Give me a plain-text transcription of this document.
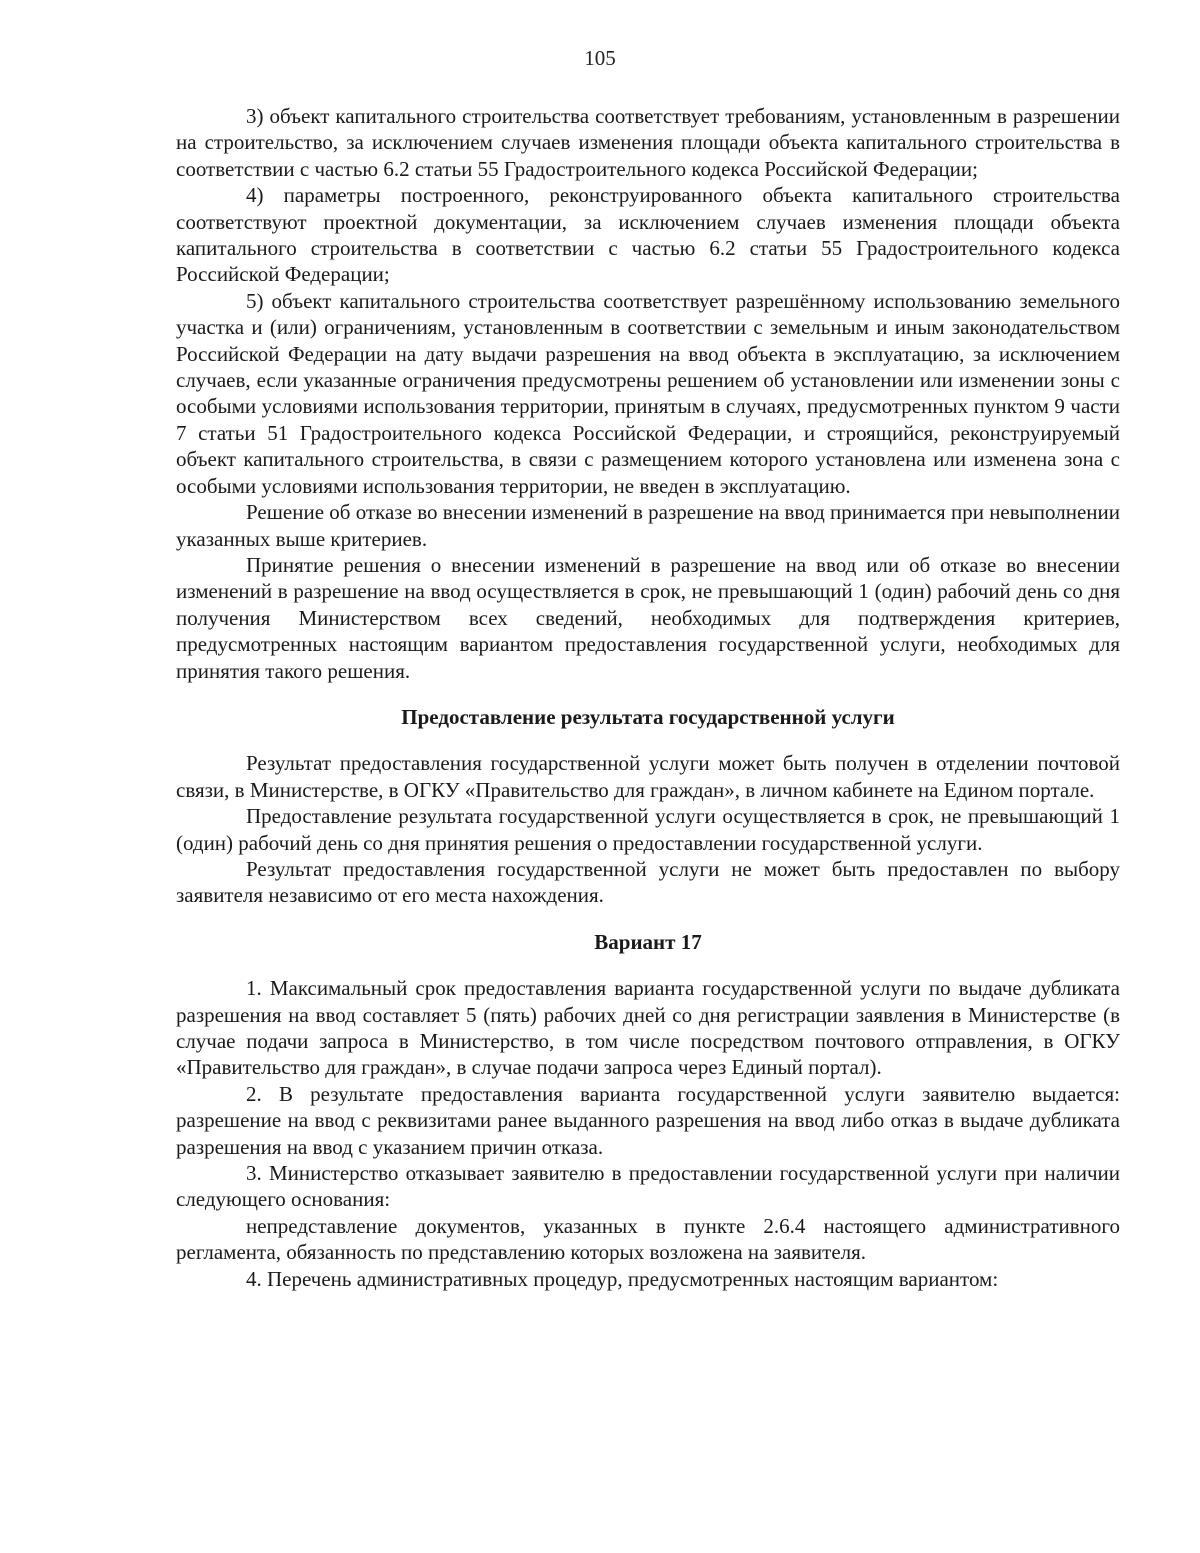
105

3) объект капитального строительства соответствует требованиям, установленным в разрешении на строительство, за исключением случаев изменения площади объекта капитального строительства в соответствии с частью 6.2 статьи 55 Градостроительного кодекса Российской Федерации;

4) параметры построенного, реконструированного объекта капитального строительства соответствуют проектной документации, за исключением случаев изменения площади объекта капитального строительства в соответствии с частью 6.2 статьи 55 Градостроительного кодекса Российской Федерации;

5) объект капитального строительства соответствует разрешённому использованию земельного участка и (или) ограничениям, установленным в соответствии с земельным и иным законодательством Российской Федерации на дату выдачи разрешения на ввод объекта в эксплуатацию, за исключением случаев, если указанные ограничения предусмотрены решением об установлении или изменении зоны с особыми условиями использования территории, принятым в случаях, предусмотренных пунктом 9 части 7 статьи 51 Градостроительного кодекса Российской Федерации, и строящийся, реконструируемый объект капитального строительства, в связи с размещением которого установлена или изменена зона с особыми условиями использования территории, не введен в эксплуатацию.

Решение об отказе во внесении изменений в разрешение на ввод принимается при невыполнении указанных выше критериев.

Принятие решения о внесении изменений в разрешение на ввод или об отказе во внесении изменений в разрешение на ввод осуществляется в срок, не превышающий 1 (один) рабочий день со дня получения Министерством всех сведений, необходимых для подтверждения критериев, предусмотренных настоящим вариантом предоставления государственной услуги, необходимых для принятия такого решения.

Предоставление результата государственной услуги

Результат предоставления государственной услуги может быть получен в отделении почтовой связи, в Министерстве, в ОГКУ «Правительство для граждан», в личном кабинете на Едином портале.

Предоставление результата государственной услуги осуществляется в срок, не превышающий 1 (один) рабочий день со дня принятия решения о предоставлении государственной услуги.

Результат предоставления государственной услуги не может быть предоставлен по выбору заявителя независимо от его места нахождения.

Вариант 17

1. Максимальный срок предоставления варианта государственной услуги по выдаче дубликата разрешения на ввод составляет 5 (пять) рабочих дней со дня регистрации заявления в Министерстве (в случае подачи запроса в Министерство, в том числе посредством почтового отправления, в ОГКУ «Правительство для граждан», в случае подачи запроса через Единый портал).

2. В результате предоставления варианта государственной услуги заявителю выдается: разрешение на ввод с реквизитами ранее выданного разрешения на ввод либо отказ в выдаче дубликата разрешения на ввод с указанием причин отказа.

3. Министерство отказывает заявителю в предоставлении государственной услуги при наличии следующего основания:

непредставление документов, указанных в пункте 2.6.4 настоящего административного регламента, обязанность по представлению которых возложена на заявителя.

4. Перечень административных процедур, предусмотренных настоящим вариантом:
